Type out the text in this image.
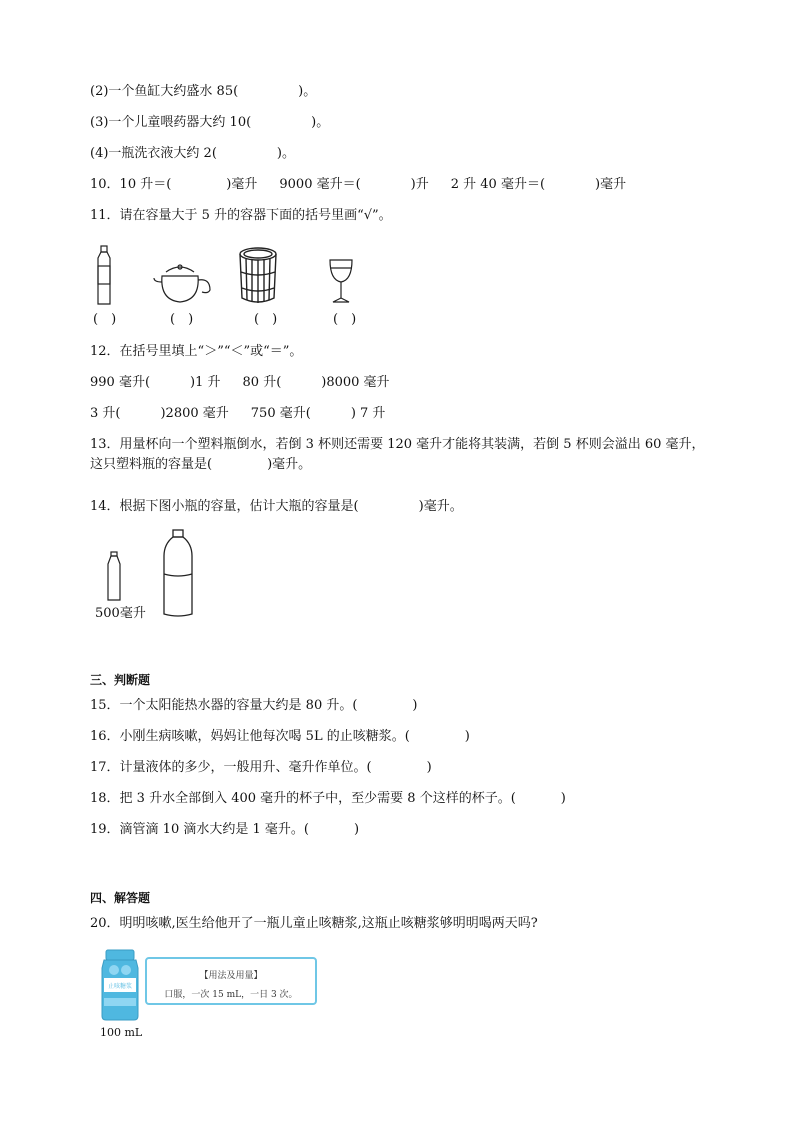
(2)一个鱼缸大约盛水 85(	)。
(3)一个儿童喂药器大约 10(	)。
(4)一瓶洗衣液大约 2(	)。
10．10 升＝(	)毫升 9000 毫升＝(	)升 2 升 40 毫升＝(	)毫升
11．请在容量大于 5 升的容器下面的括号里画“√”。
(　)	(　)	(　)	(　)
12．在括号里填上“＞”“＜”或“＝”。
990 毫升(	)1 升 80 升(	)8000 毫升
3 升(	)2800 毫升 750 毫升(	) 7 升
13．用量杯向一个塑料瓶倒水，若倒 3 杯则还需要 120 毫升才能将其装满，若倒 5 杯则会溢出 60 毫升，这只塑料瓶的容量是(	)毫升。
14．根据下图小瓶的容量，估计大瓶的容量是(	)毫升。
500毫升
三、判断题
15．一个太阳能热水器的容量大约是 80 升。(	)
16．小刚生病咳嗽，妈妈让他每次喝 5L 的止咳糖浆。(	)
17．计量液体的多少，一般用升、毫升作单位。(	)
18．把 3 升水全部倒入 400 毫升的杯子中，至少需要 8 个这样的杯子。(	)
19．滴管滴 10 滴水大约是 1 毫升。(	)
四、解答题
20．明明咳嗽,医生给他开了一瓶儿童止咳糖浆,这瓶止咳糖浆够明明喝两天吗?
止咳糖浆
100 mL
【用法及用量】
口服，一次 15 mL，一日 3 次。
